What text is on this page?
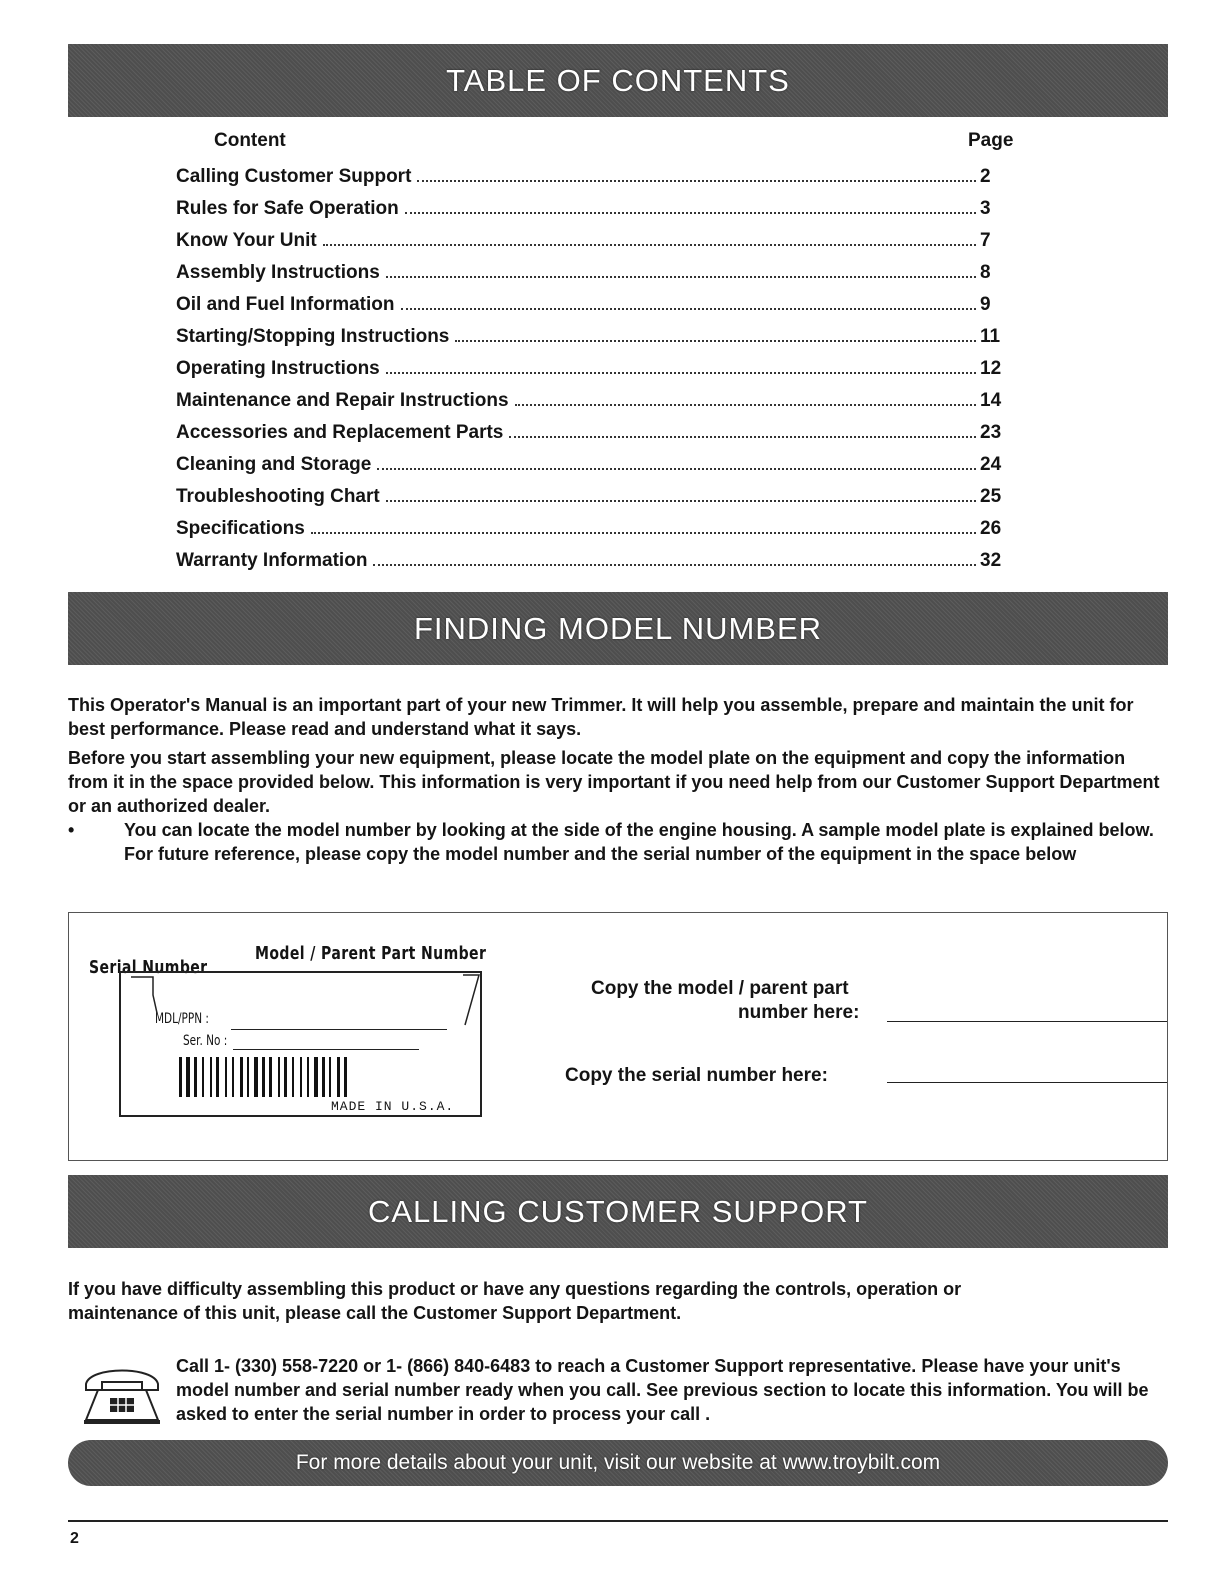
TABLE OF CONTENTS
Content	Page
Calling Customer Support	2
Rules for Safe Operation	3
Know Your Unit	7
Assembly Instructions	8
Oil and Fuel Information	9
Starting/Stopping Instructions	11
Operating Instructions	12
Maintenance and Repair Instructions	14
Accessories and Replacement Parts	23
Cleaning and Storage	24
Troubleshooting Chart	25
Specifications	26
Warranty Information	32
FINDING MODEL NUMBER

This Operator's Manual is an important part of your new Trimmer. It will help you assemble, prepare and maintain the unit for best performance. Please read and understand what it says.

Before you start assembling your new equipment, please locate the model plate on the equipment and copy the information from it in the space provided below. This information is very important if you need help from our Customer Support Department or an authorized dealer.

•	You can locate the model number by looking at the side of the engine housing. A sample model plate is explained below. For future reference, please copy the model number and the serial number of the equipment in the space below
Serial Number
Model / Parent Part Number
MDL/PPN :
Ser. No :
MADE IN U.S.A.
Copy the model / parent part
number here:
Copy the serial number here:
CALLING CUSTOMER SUPPORT

If you have difficulty assembling this product or have any questions regarding the controls, operation or maintenance of this unit, please call the Customer Support Department.

Call 1- (330) 558-7220 or 1- (866) 840-6483 to reach a Customer Support representative. Please have your unit's model number and serial number ready when you call. See previous section to locate this information. You will be asked to enter the serial number in order to process your call .

For more details about your unit, visit our website at www.troybilt.com
2
